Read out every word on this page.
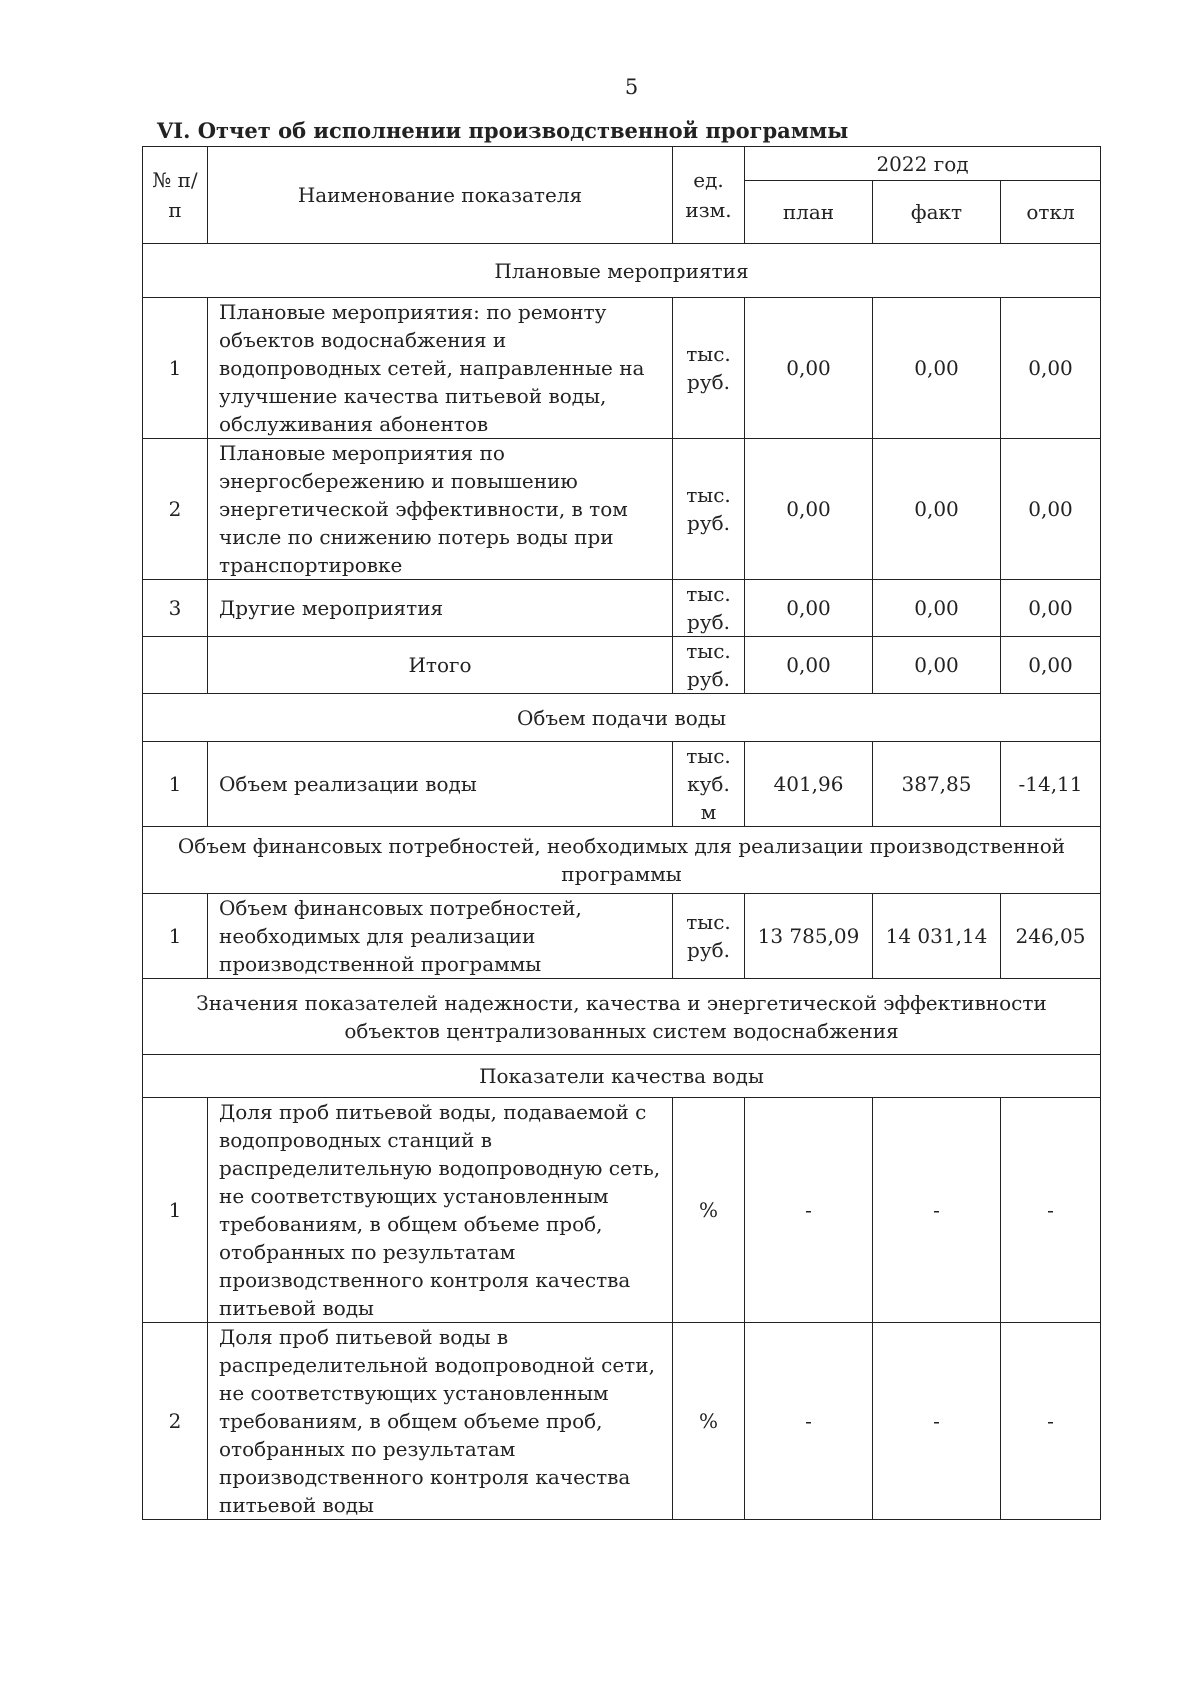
5
VI. Отчет об исполнении производственной программы
№ п/п	Наименование показателя	ед. изм.	2022 год		
			план	факт	откл
Плановые мероприятия					
1	Плановые мероприятия: по ремонту объектов водоснабжения и водопроводных сетей, направленные на улучшение качества питьевой воды, обслуживания абонентов	тыс. руб.	0,00	0,00	0,00
2	Плановые мероприятия по энергосбережению и повышению энергетической эффективности, в том числе по снижению потерь воды при транспортировке	тыс. руб.	0,00	0,00	0,00
3	Другие мероприятия	тыс. руб.	0,00	0,00	0,00
	Итого	тыс. руб.	0,00	0,00	0,00
Объем подачи воды					
1	Объем реализации воды	тыс. куб. м	401,96	387,85	-14,11
Объем финансовых потребностей, необходимых для реализации производственной программы					
1	Объем финансовых потребностей, необходимых для реализации производственной программы	тыс. руб.	13 785,09	14 031,14	246,05
Значения показателей надежности, качества и энергетической эффективности объектов централизованных систем водоснабжения					
Показатели качества воды					
1	Доля проб питьевой воды, подаваемой с водопроводных станций в распределительную водопроводную сеть, не соответствующих установленным требованиям, в общем объеме проб, отобранных по результатам производственного контроля качества питьевой воды	%	-	-	-
2	Доля проб питьевой воды в распределительной водопроводной сети, не соответствующих установленным требованиям, в общем объеме проб, отобранных по результатам производственного контроля качества питьевой воды	%	-	-	-
